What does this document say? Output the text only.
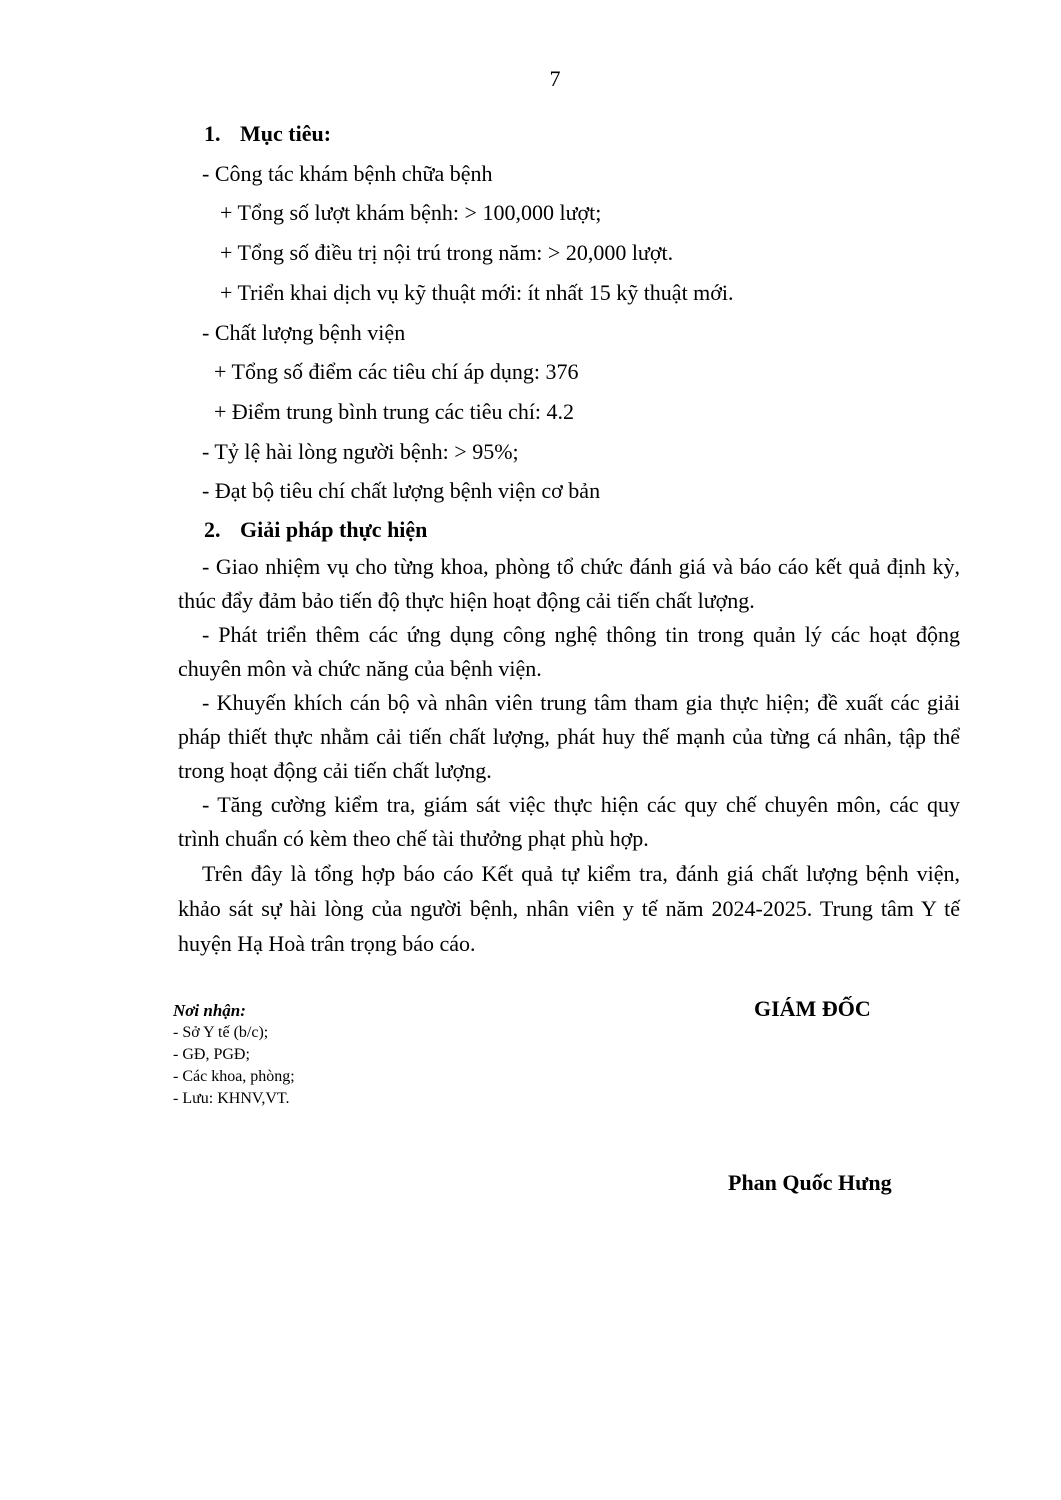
7
1. Mục tiêu:
- Công tác khám bệnh chữa bệnh
+ Tổng số lượt khám bệnh: > 100,000 lượt;
+ Tổng số điều trị nội trú trong năm: > 20,000 lượt.
+ Triển khai dịch vụ kỹ thuật mới: ít nhất 15 kỹ thuật mới.
- Chất lượng bệnh viện
+ Tổng số điểm các tiêu chí áp dụng: 376
+ Điểm trung bình trung các tiêu chí: 4.2
- Tỷ lệ hài lòng người bệnh: > 95%;
- Đạt bộ tiêu chí chất lượng bệnh viện cơ bản
2. Giải pháp thực hiện

- Giao nhiệm vụ cho từng khoa, phòng tổ chức đánh giá và báo cáo kết quả định kỳ, thúc đẩy đảm bảo tiến độ thực hiện hoạt động cải tiến chất lượng.

- Phát triển thêm các ứng dụng công nghệ thông tin trong quản lý các hoạt động chuyên môn và chức năng của bệnh viện.

- Khuyến khích cán bộ và nhân viên trung tâm tham gia thực hiện; đề xuất các giải pháp thiết thực nhằm cải tiến chất lượng, phát huy thế mạnh của từng cá nhân, tập thể trong hoạt động cải tiến chất lượng.

- Tăng cường kiểm tra, giám sát việc thực hiện các quy chế chuyên môn, các quy trình chuẩn có kèm theo chế tài thưởng phạt phù hợp.

Trên đây là tổng hợp báo cáo Kết quả tự kiểm tra, đánh giá chất lượng bệnh viện, khảo sát sự hài lòng của người bệnh, nhân viên y tế năm 2024-2025. Trung tâm Y tế huyện Hạ Hoà trân trọng báo cáo.

Nơi nhận:
- Sở Y tế (b/c);
- GĐ, PGĐ;
- Các khoa, phòng;
- Lưu: KHNV,VT.
GIÁM ĐỐC
Phan Quốc Hưng
